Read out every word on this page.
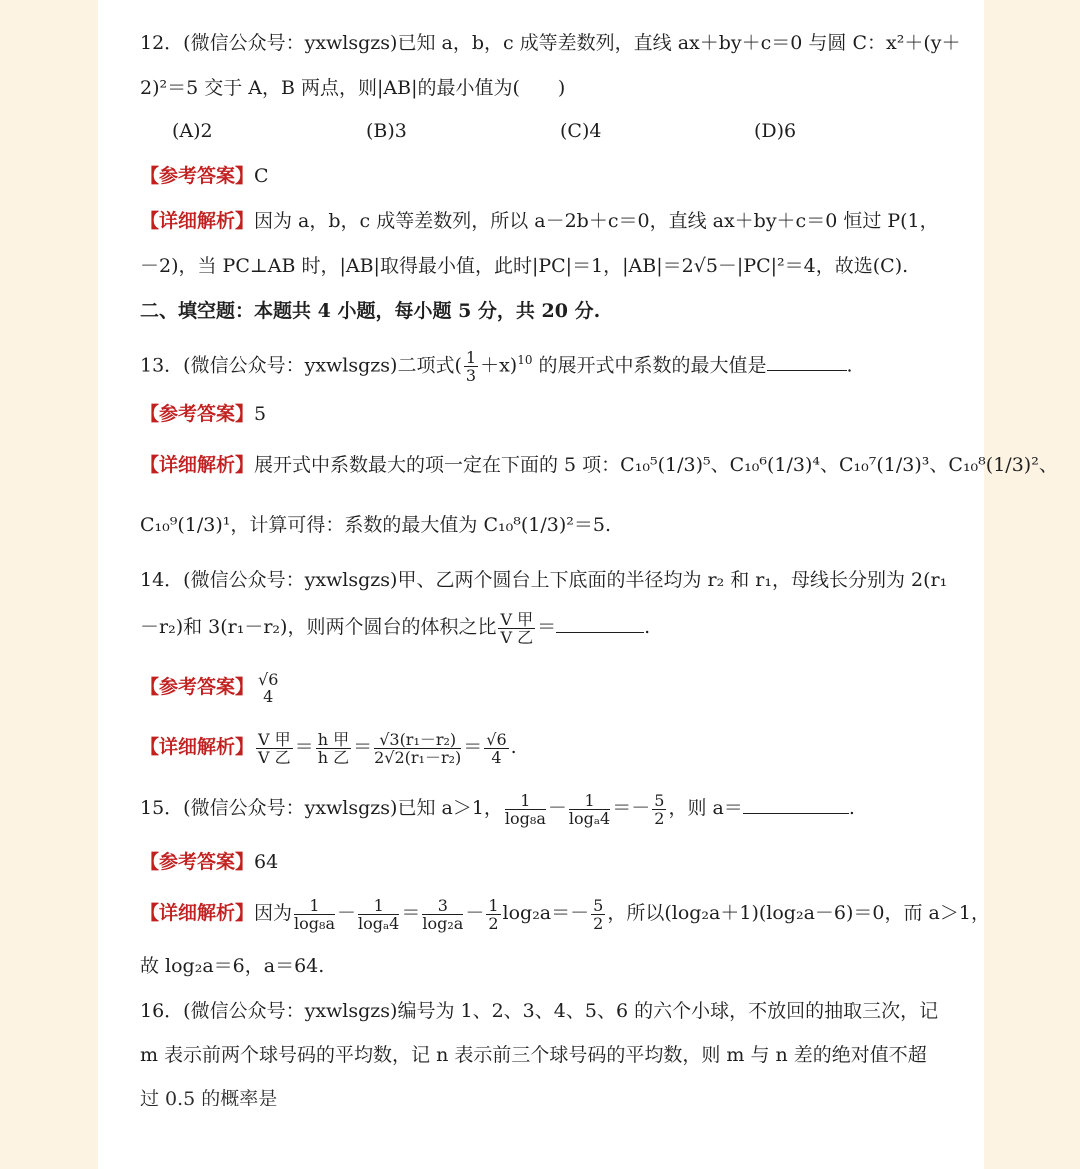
12．(微信公众号：yxwlsgzs)已知 a，b，c 成等差数列，直线 ax＋by＋c＝0 与圆 C：x²＋(y＋
2)²＝5 交于 A，B 两点，则|AB|的最小值为(　　)
(A)2	(B)3	(C)4	(D)6
【参考答案】C
【详细解析】因为 a，b，c 成等差数列，所以 a－2b＋c＝0，直线 ax＋by＋c＝0 恒过 P(1，
－2)，当 PC⊥AB 时，|AB|取得最小值，此时|PC|＝1，|AB|＝2√5－|PC|²＝4，故选(C).
二、填空题：本题共 4 小题，每小题 5 分，共 20 分.
13．(微信公众号：yxwlsgzs)二项式( $\frac{1}{3} +x)^{10}$ 的展开式中系数的最大值是	.
【参考答案】5
【详细解析】展开式中系数最大的项一定在下面的 5 项：C₁₀⁵(1/3)⁵、C₁₀⁶(1/3)⁴、C₁₀⁷(1/3)³、C₁₀⁸(1/3)²、
C₁₀⁹(1/3)¹，计算可得：系数的最大值为 C₁₀⁸(1/3)²＝5.
14．(微信公众号：yxwlsgzs)甲、乙两个圆台上下底面的半径均为 r₂ 和 r₁，母线长分别为 2(r₁
－r₂)和 3(r₁－r₂)，则两个圆台的体积之比 $\frac{\text{V 甲}}{\text{V 乙}}$ ＝	.
【参考答案】 √6
4
【详细解析】 $\frac{\text{V 甲}}{\text{V 乙}} = \frac{\text{h 甲}}{\text{h 乙}} = \frac{\text{√3(r₁－r₂)}}{\text{2√2(r₁－r₂)}} = \frac{√6}{4}$ .
15．(微信公众号：yxwlsgzs)已知 a＞1， $\frac{1}{\text{log₈a}} - \frac{1}{\text{logₐ4}} =- \frac{5}{2}$ ，则 a＝	.
【参考答案】64
【详细解析】因为 $\frac{1}{\text{log₈a}} - \frac{1}{\text{logₐ4}} = \frac{3}{\text{log₂a}} - \frac{1}{2} \log_2a=- \frac{5}{2}$ ，所以(log₂a＋1)(log₂a－6)＝0，而 a＞1，
故 log₂a＝6，a＝64.
16．(微信公众号：yxwlsgzs)编号为 1、2、3、4、5、6 的六个小球，不放回的抽取三次，记
m 表示前两个球号码的平均数，记 n 表示前三个球号码的平均数，则 m 与 n 差的绝对值不超
过 0.5 的概率是
